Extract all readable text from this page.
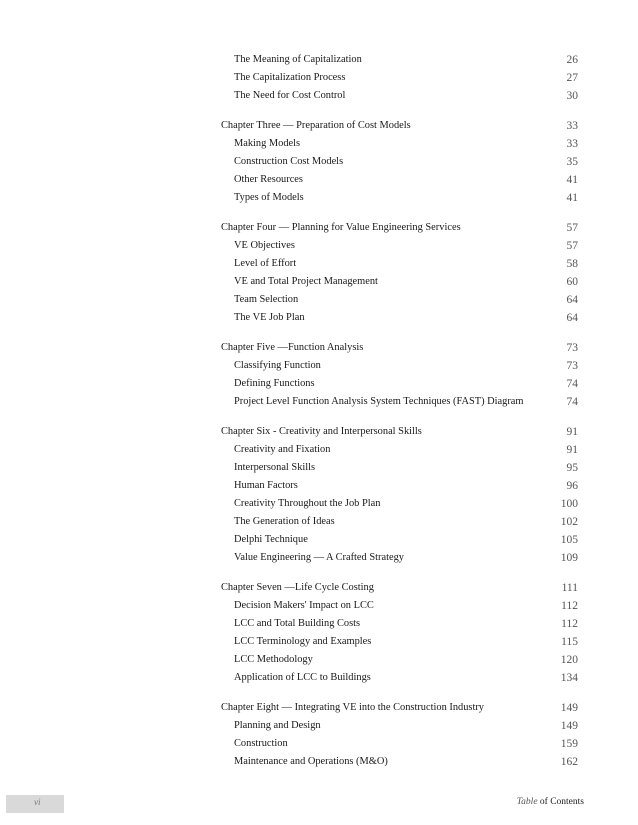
The Meaning of Capitalization	26
The Capitalization Process	27
The Need for Cost Control	30
Chapter Three — Preparation of Cost Models	33
Making Models	33
Construction Cost Models	35
Other Resources	41
Types of Models	41
Chapter Four — Planning for Value Engineering Services	57
VE Objectives	57
Level of Effort	58
VE and Total Project Management	60
Team Selection	64
The VE Job Plan	64
Chapter Five —Function Analysis	73
Classifying Function	73
Defining Functions	74
Project Level Function Analysis System Techniques (FAST) Diagram	74
Chapter Six - Creativity and Interpersonal Skills	91
Creativity and Fixation	91
Interpersonal Skills	95
Human Factors	96
Creativity Throughout the Job Plan	100
The Generation of Ideas	102
Delphi Technique	105
Value Engineering — A Crafted Strategy	109
Chapter Seven —Life Cycle Costing	111
Decision Makers' Impact on LCC	112
LCC and Total Building Costs	112
LCC Terminology and Examples	115
LCC Methodology	120
Application of LCC to Buildings	134
Chapter Eight — Integrating VE into the Construction Industry	149
Planning and Design	149
Construction	159
Maintenance and Operations (M&O)	162
vi	Table of Contents
